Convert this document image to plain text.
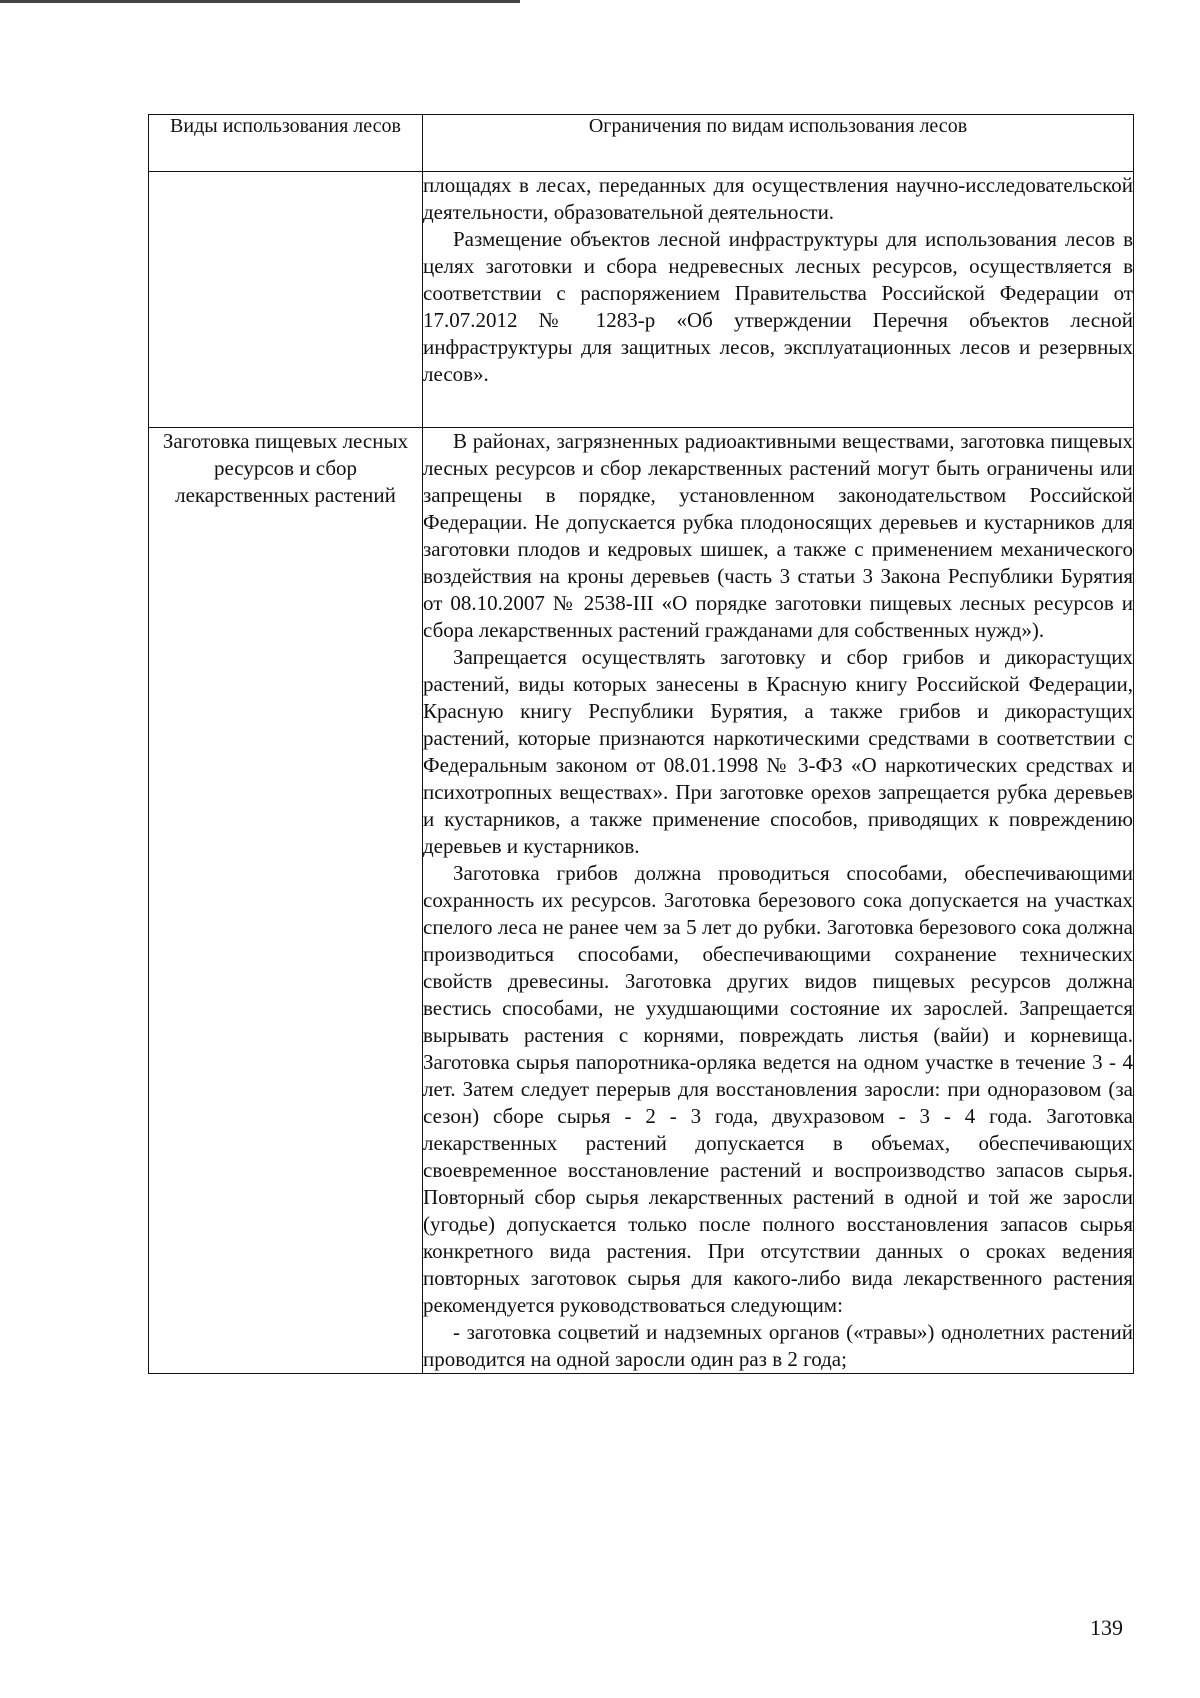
Виды использования лесов	Ограничения по видам использования лесов

	площадях в лесах, переданных для осуществления научно-исследовательской деятельности, образовательной деятельности.

Размещение объектов лесной инфраструктуры для использования лесов в целях заготовки и сбора недревесных лесных ресурсов, осуществляется в соответствии с распоряжением Правительства Российской Федерации от 17.07.2012 № 1283-р «Об утверждении Перечня объектов лесной инфраструктуры для защитных лесов, эксплуатационных лесов и резервных лесов».

Заготовка пищевых лесных ресурсов и сбор лекарственных растений	В районах, загрязненных радиоактивными веществами, заготовка пищевых лесных ресурсов и сбор лекарственных растений могут быть ограничены или запрещены в порядке, установленном законодательством Российской Федерации. Не допускается рубка плодоносящих деревьев и кустарников для заготовки плодов и кедровых шишек, а также с применением механического воздействия на кроны деревьев (часть 3 статьи 3 Закона Республики Бурятия от 08.10.2007 № 2538-III «О порядке заготовки пищевых лесных ресурсов и сбора лекарственных растений гражданами для собственных нужд»).

Запрещается осуществлять заготовку и сбор грибов и дикорастущих растений, виды которых занесены в Красную книгу Российской Федерации, Красную книгу Республики Бурятия, а также грибов и дикорастущих растений, которые признаются наркотическими средствами в соответствии с Федеральным законом от 08.01.1998 № 3-ФЗ «О наркотических средствах и психотропных веществах». При заготовке орехов запрещается рубка деревьев и кустарников, а также применение способов, приводящих к повреждению деревьев и кустарников.

Заготовка грибов должна проводиться способами, обеспечивающими сохранность их ресурсов. Заготовка березового сока допускается на участках спелого леса не ранее чем за 5 лет до рубки. Заготовка березового сока должна производиться способами, обеспечивающими сохранение технических свойств древесины. Заготовка других видов пищевых ресурсов должна вестись способами, не ухудшающими состояние их зарослей. Запрещается вырывать растения с корнями, повреждать листья (вайи) и корневища. Заготовка сырья папоротника-орляка ведется на одном участке в течение 3 - 4 лет. Затем следует перерыв для восстановления заросли: при одноразовом (за сезон) сборе сырья - 2 - 3 года, двухразовом - 3 - 4 года. Заготовка лекарственных растений допускается в объемах, обеспечивающих своевременное восстановление растений и воспроизводство запасов сырья. Повторный сбор сырья лекарственных растений в одной и той же заросли (угодье) допускается только после полного восстановления запасов сырья конкретного вида растения. При отсутствии данных о сроках ведения повторных заготовок сырья для какого-либо вида лекарственного растения рекомендуется руководствоваться следующим:

- заготовка соцветий и надземных органов («травы») однолетних растений проводится на одной заросли один раз в 2 года;

139
